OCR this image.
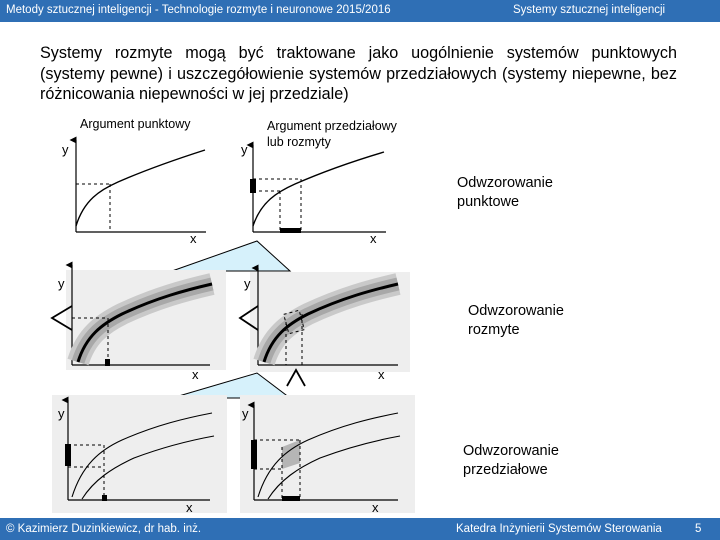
Metody sztucznej inteligencji - Technologie rozmyte i neuronowe 2015/2016	Systemy sztucznej inteligencji
Systemy rozmyte mogą być traktowane jako uogólnienie systemów punktowych (systemy pewne) i uszczegółowienie systemów przedziałowych (systemy niepewne, bez różnicowania niepewności w jej przedziale)
Argument punktowy	Argument przedziałowy
lub rozmyty
Odwzorowanie
punktowe
Odwzorowanie
rozmyte
Odwzorowanie
przedziałowe
y
x
y
x
y
x
y
x
y
x
y
x
© Kazimierz Duzinkiewicz, dr hab. inż.	Katedra Inżynierii Systemów Sterowania	5
